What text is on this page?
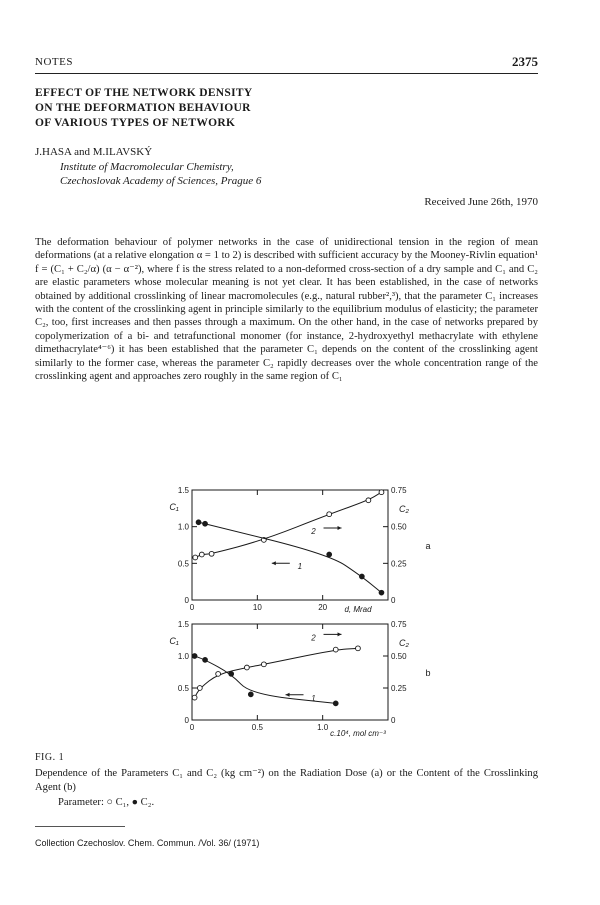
NOTES	2375
EFFECT OF THE NETWORK DENSITY
ON THE DEFORMATION BEHAVIOUR
OF VARIOUS TYPES OF NETWORK
J.HASA and M.ILAVSKÝ
Institute of Macromolecular Chemistry,
Czechoslovak Academy of Sciences, Prague 6
Received June 26th, 1970
The deformation behaviour of polymer networks in the case of unidirectional tension in the region of mean deformations (at a relative elongation α = 1 to 2) is described with sufficient accuracy by the Mooney-Rivlin equation¹ f = (C₁ + C₂/α) (α − α⁻²), where f is the stress related to a non-deformed cross-section of a dry sample and C₁ and C₂ are elastic parameters whose molecular meaning is not yet clear. It has been established, in the case of networks obtained by additional crosslinking of linear macromolecules (e.g., natural rubber²,³), that the parameter C₁ increases with the content of the crosslinking agent in principle similarly to the equilibrium modulus of elasticity; the parameter C₂, too, first increases and then passes through a maximum. On the other hand, in the case of networks prepared by copolymerization of a bi- and tetrafunctional monomer (for instance, 2-hydroxyethyl methacrylate with ethylene dimethacrylate⁴⁻⁶) it has been established that the parameter C₁ depends on the content of the crosslinking agent similarly to the former case, whereas the parameter C₂ rapidly decreases over the whole concentration range of the crosslinking agent and approaches zero roughly in the same region of C₁
0
0.5
1.0
1.5
0
0.25
0.50
0.75
0	10	20
C₁	C₂
d, Mrad
a
1
2
0
0.5
1.0
1.5
0
0.25
0.50
0.75
0	0.5	1.0
C₁	C₂
c.10⁴, mol cm⁻³
b
1
2
FIG. 1
Dependence of the Parameters C₁ and C₂ (kg cm⁻²) on the Radiation Dose (a) or the Content of the Crosslinking Agent (b)
Parameter: ○ C₁, ● C₂.
Collection Czechoslov. Chem. Commun. /Vol. 36/ (1971)
